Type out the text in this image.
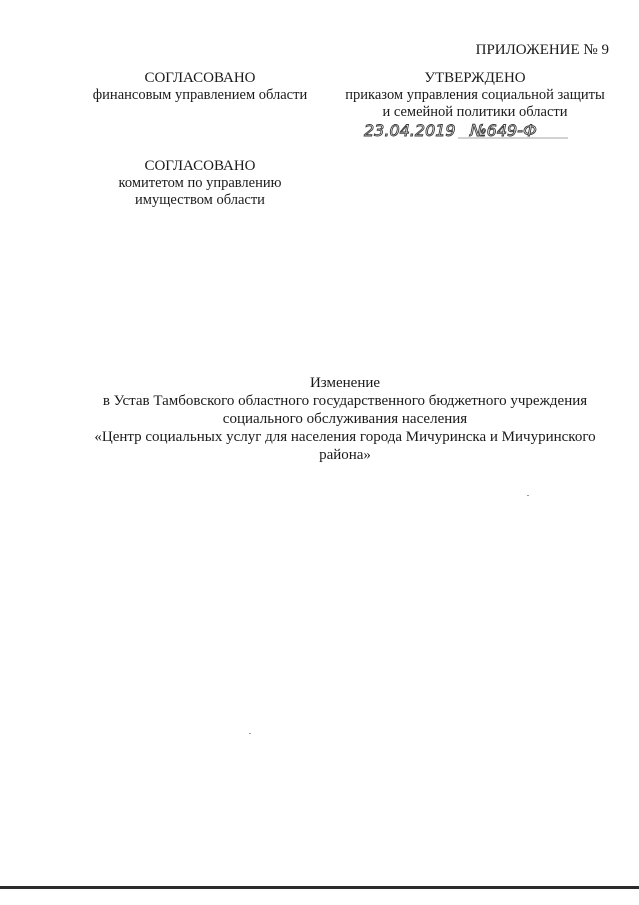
ПРИЛОЖЕНИЕ № 9
СОГЛАСОВАНО
финансовым управлением области
УТВЕРЖДЕНО
приказом управления социальной защиты
и семейной политики области
23.04.2019 №649-Ф
СОГЛАСОВАНО
комитетом по управлению
имуществом области
Изменение
в Устав Тамбовского областного государственного бюджетного учреждения
социального обслуживания населения
«Центр социальных услуг для населения города Мичуринска и Мичуринского
района»
